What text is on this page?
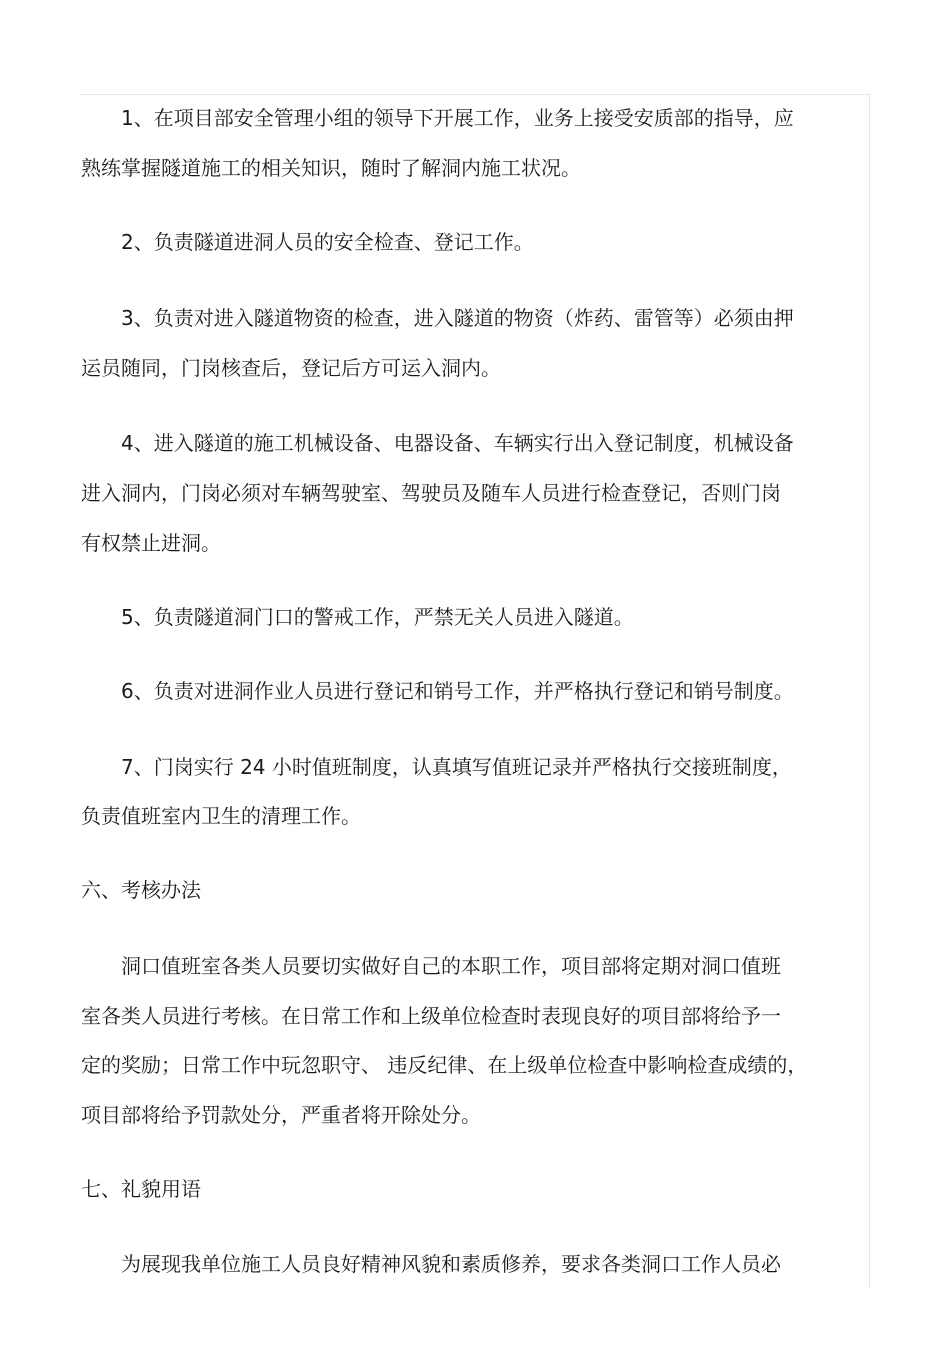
1、在项目部安全管理小组的领导下开展工作，业务上接受安质部的指导，应
熟练掌握隧道施工的相关知识，随时了解洞内施工状况。
2、负责隧道进洞人员的安全检查、登记工作。
3、负责对进入隧道物资的检查，进入隧道的物资（炸药、雷管等）必须由押
运员随同，门岗核查后，登记后方可运入洞内。
4、进入隧道的施工机械设备、电器设备、车辆实行出入登记制度，机械设备
进入洞内，门岗必须对车辆驾驶室、驾驶员及随车人员进行检查登记，否则门岗
有权禁止进洞。
5、负责隧道洞门口的警戒工作，严禁无关人员进入隧道。
6、负责对进洞作业人员进行登记和销号工作，并严格执行登记和销号制度。
7、门岗实行 24 小时值班制度，认真填写值班记录并严格执行交接班制度，
负责值班室内卫生的清理工作。
六、考核办法
洞口值班室各类人员要切实做好自己的本职工作，项目部将定期对洞口值班
室各类人员进行考核。在日常工作和上级单位检查时表现良好的项目部将给予一
定的奖励；日常工作中玩忽职守、 违反纪律、在上级单位检查中影响检查成绩的，
项目部将给予罚款处分，严重者将开除处分。
七、礼貌用语
为展现我单位施工人员良好精神风貌和素质修养，要求各类洞口工作人员必
